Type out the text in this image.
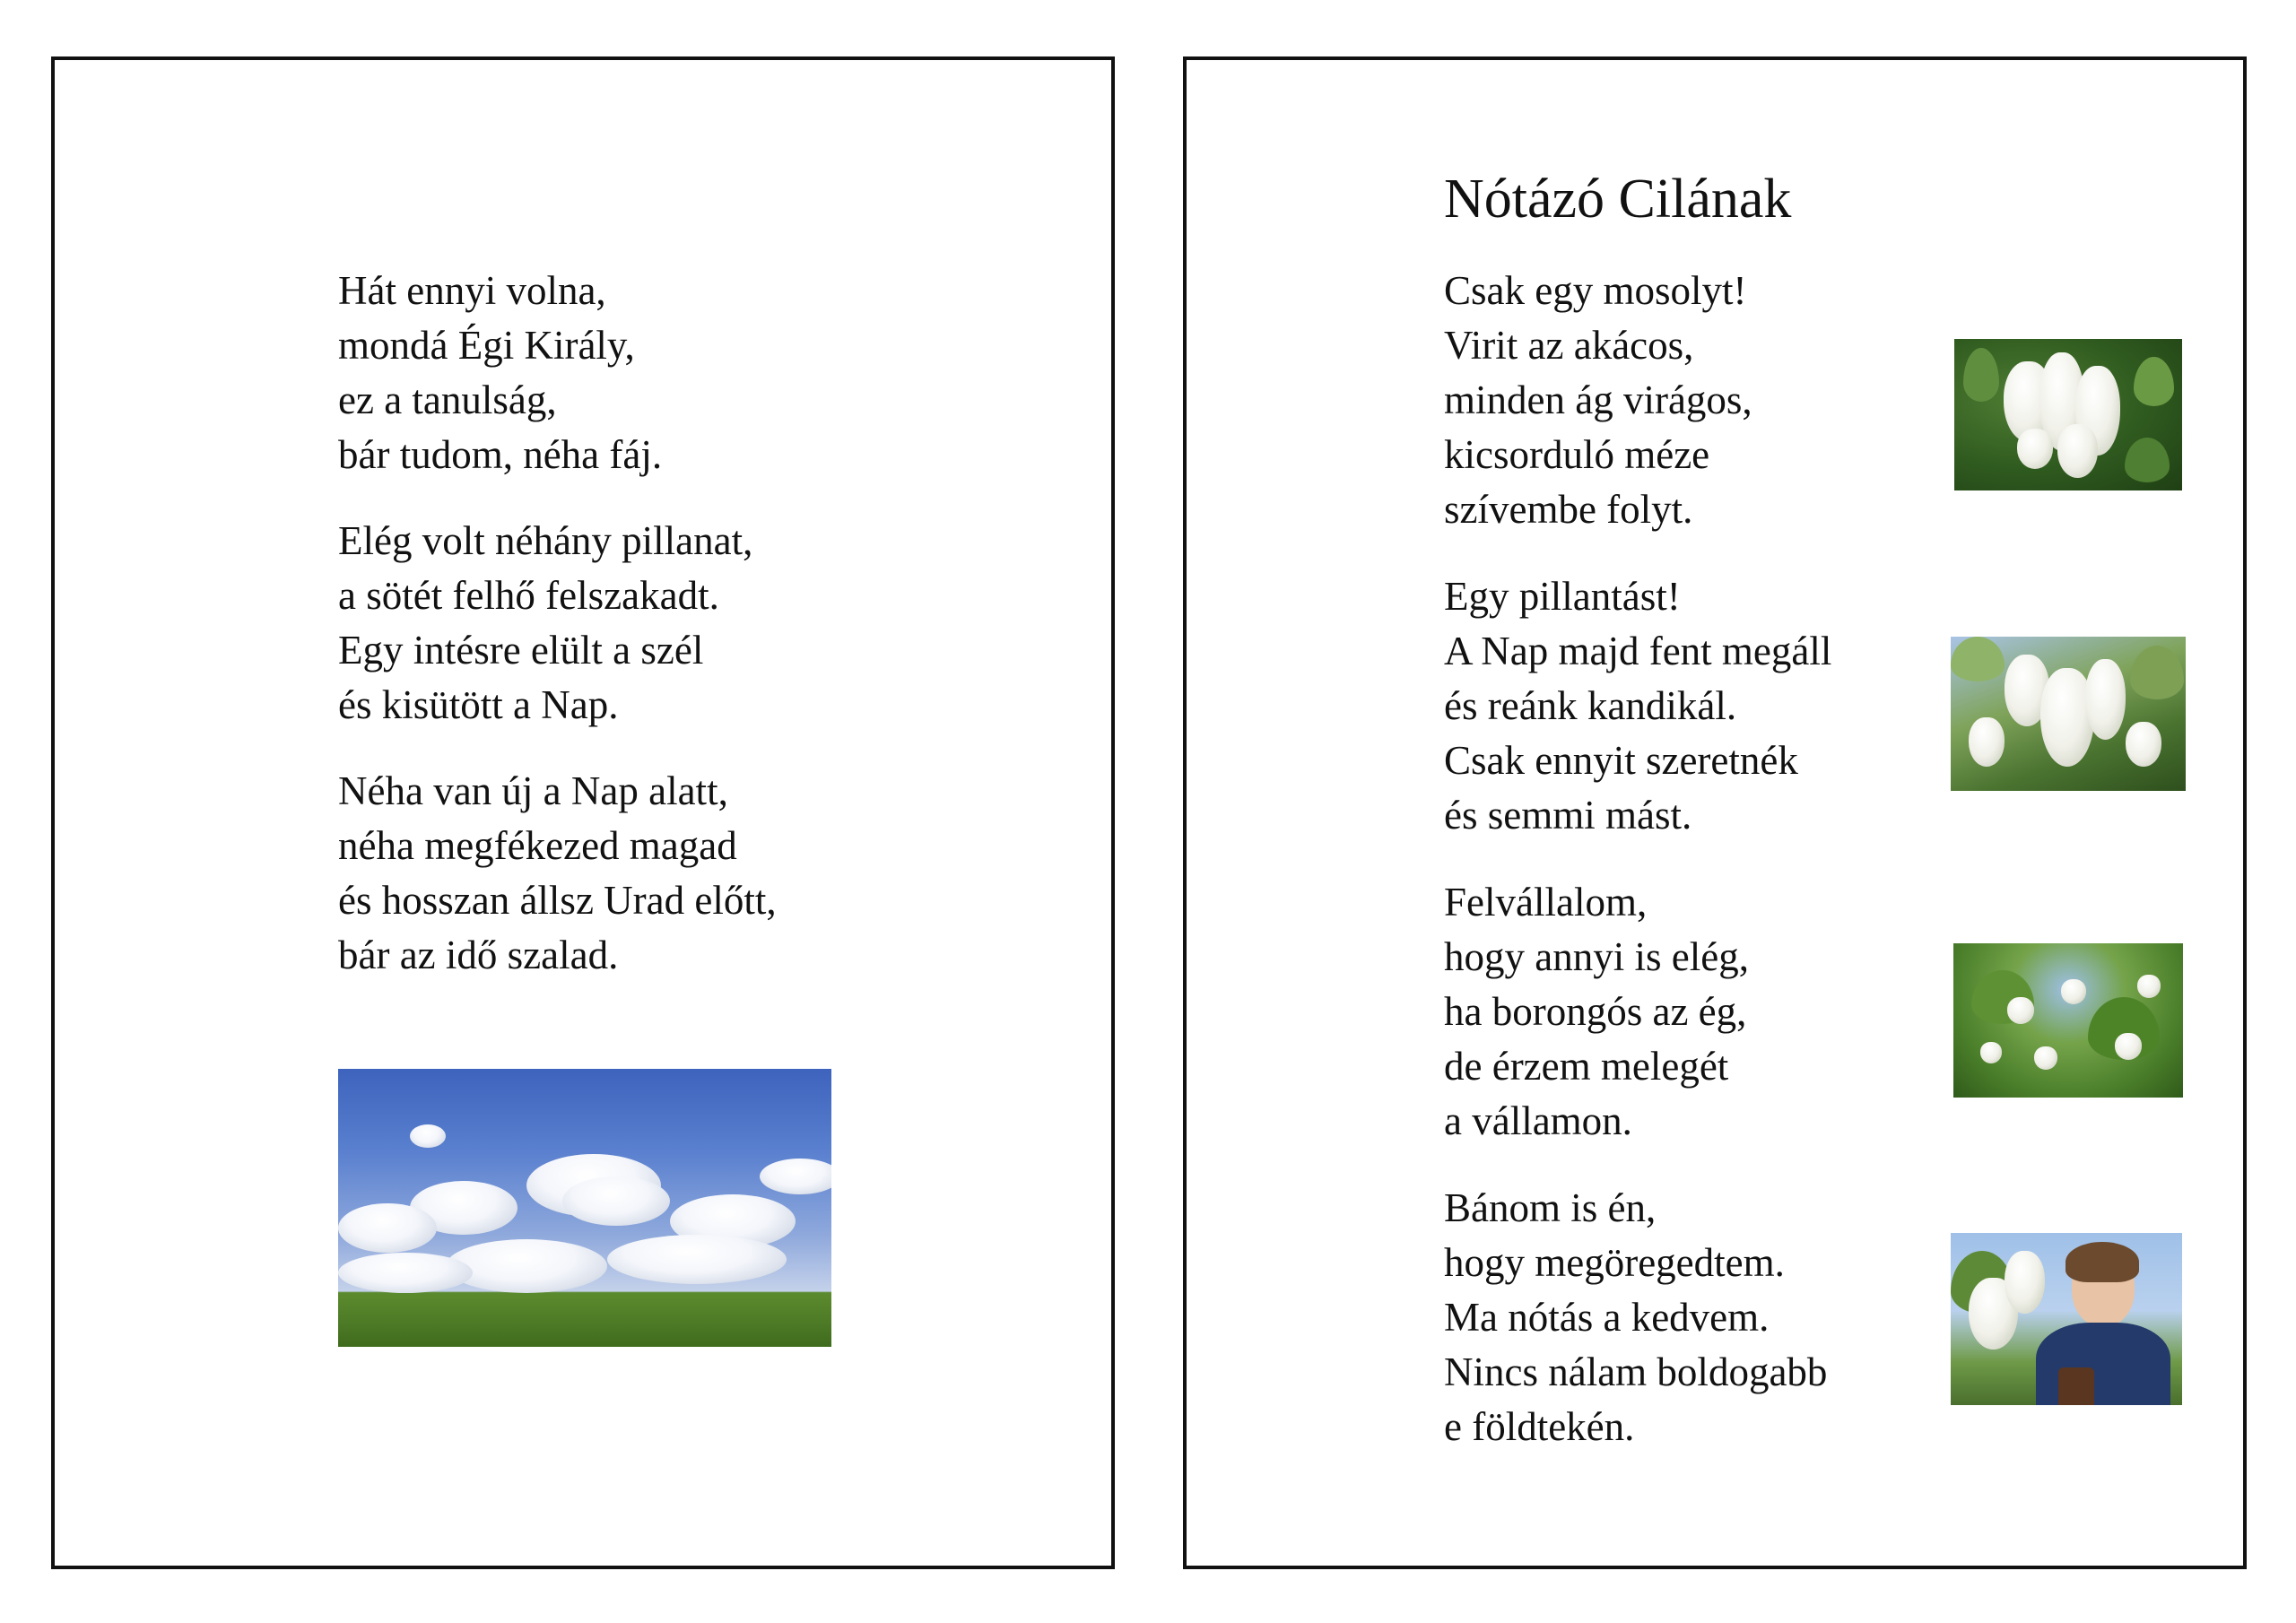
Hát ennyi volna,
mondá Égi Király,
ez a tanulság,
bár tudom, néha fáj.
Elég volt néhány pillanat,
a sötét felhő felszakadt.
Egy intésre elült a szél
és kisütött a Nap.
Néha van új a Nap alatt,
néha megfékezed magad
és hosszan állsz Urad előtt,
bár az idő szalad.
Nótázó Cilának
Csak egy mosolyt!
Virit az akácos,
minden ág virágos,
kicsorduló méze
szívembe folyt.
Egy pillantást!
A Nap majd fent megáll
és reánk kandikál.
Csak ennyit szeretnék
és semmi mást.
Felvállalom,
hogy annyi is elég,
ha borongós az ég,
de érzem melegét
a vállamon.
Bánom is én,
hogy megöregedtem.
Ma nótás a kedvem.
Nincs nálam boldogabb
e földtekén.
